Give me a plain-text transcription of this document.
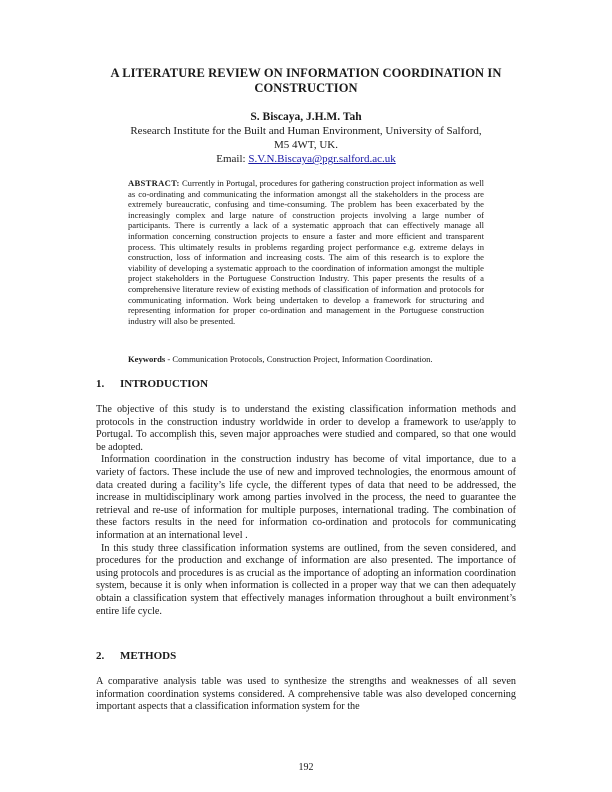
A LITERATURE REVIEW ON INFORMATION COORDINATION IN
CONSTRUCTION
S. Biscaya, J.H.M. Tah
Research Institute for the Built and Human Environment, University of Salford,
M5 4WT, UK.
Email: S.V.N.Biscaya@pgr.salford.ac.uk
ABSTRACT: Currently in Portugal, procedures for gathering construction project information as well as co-ordinating and communicating the information amongst all the stakeholders in the process are extremely bureaucratic, confusing and time-consuming. The problem has been exacerbated by the increasingly complex and large nature of construction projects involving a large number of participants. There is currently a lack of a systematic approach that can effectively manage all information concerning construction projects to ensure a faster and more efficient and transparent process. This ultimately results in problems regarding project performance e.g. extreme delays in construction, loss of information and increasing costs. The aim of this research is to explore the viability of developing a systematic approach to the coordination of information amongst the multiple project stakeholders in the Portuguese Construction Industry. This paper presents the results of a comprehensive literature review of existing methods of classification of information and protocols for communicating information. Work being undertaken to develop a framework for structuring and representing information for proper co-ordination and management in the Portuguese construction industry will also be presented.
Keywords - Communication Protocols, Construction Project, Information Coordination.
1. INTRODUCTION

The objective of this study is to understand the existing classification information methods and protocols in the construction industry worldwide in order to develop a framework to use/apply to Portugal. To accomplish this, seven major approaches were studied and compared, so that one would be adopted.

Information coordination in the construction industry has become of vital importance, due to a variety of factors. These include the use of new and improved technologies, the enormous amount of data created during a facility’s life cycle, the different types of data that need to be addressed, the increase in multidisciplinary work among parties involved in the process, the need to guarantee the retrieval and re-use of information for multiple purposes, international trading. The combination of these factors results in the need for information co-ordination and protocols for communicating information at an international level .

In this study three classification information systems are outlined, from the seven considered, and procedures for the production and exchange of information are also presented. The importance of using protocols and procedures is as crucial as the importance of adopting an information coordination system, because it is only when information is collected in a proper way that we can then adequately obtain a classification system that effectively manages information throughout a built environment’s entire life cycle.

2. METHODS

A comparative analysis table was used to synthesize the strengths and weaknesses of all seven information coordination systems considered. A comprehensive table was also developed concerning important aspects that a classification information system for the

192
